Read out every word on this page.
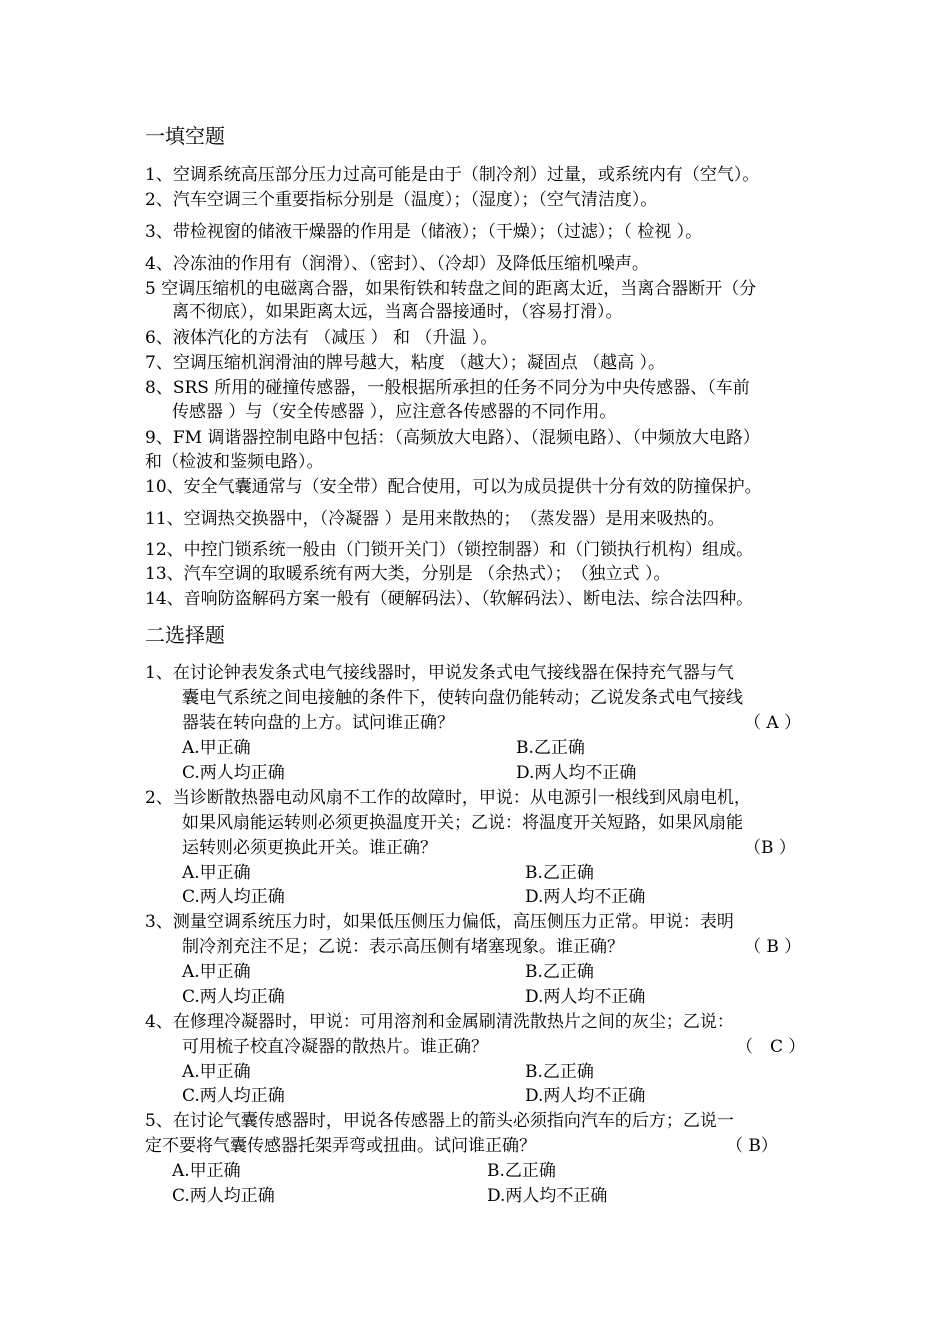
一填空题
1、空调系统高压部分压力过高可能是由于（制冷剂）过量，或系统内有（空气）。
2、汽车空调三个重要指标分别是（温度）；（湿度）；（空气清洁度）。
3、带检视窗的储液干燥器的作用是（储液）；（干燥）；（过滤）；（ 检视 ）。
4、冷冻油的作用有（润滑）、（密封）、（冷却）及降低压缩机噪声。
5 空调压缩机的电磁离合器，如果衔铁和转盘之间的距离太近，当离合器断开（分
离不彻底），如果距离太远，当离合器接通时，（容易打滑）。
6、液体汽化的方法有 （减压 ） 和 （升温 ）。
7、空调压缩机润滑油的牌号越大，粘度 （越大）；凝固点 （越高 ）。
8、SRS 所用的碰撞传感器，一般根据所承担的任务不同分为中央传感器、（车前
传感器 ）与（安全传感器 ），应注意各传感器的不同作用。
9、FM 调谐器控制电路中包括：（高频放大电路）、（混频电路）、（中频放大电路）
和（检波和鉴频电路）。
10、安全气囊通常与（安全带）配合使用，可以为成员提供十分有效的防撞保护。
11、空调热交换器中，（冷凝器 ）是用来散热的；　（蒸发器）是用来吸热的。
12、中控门锁系统一般由（门锁开关门）（锁控制器）和（门锁执行机构）组成。
13、汽车空调的取暖系统有两大类，分别是 （余热式）；　（独立式 ）。
14、音响防盗解码方案一般有（硬解码法）、（软解码法）、断电法、综合法四种。
二选择题
1、在讨论钟表发条式电气接线器时，甲说发条式电气接线器在保持充气器与气
囊电气系统之间电接触的条件下，使转向盘仍能转动；乙说发条式电气接线
器装在转向盘的上方。试问谁正确？	（ A ）
A.甲正确	B.乙正确
C.两人均正确	D.两人均不正确
2、当诊断散热器电动风扇不工作的故障时，甲说：从电源引一根线到风扇电机，
如果风扇能运转则必须更换温度开关；乙说：将温度开关短路，如果风扇能
运转则必须更换此开关。谁正确？	（B ）
A.甲正确	B.乙正确
C.两人均正确	D.两人均不正确
3、测量空调系统压力时，如果低压侧压力偏低，高压侧压力正常。甲说：表明
制冷剂充注不足；乙说：表示高压侧有堵塞现象。谁正确？	（ B ）
A.甲正确	B.乙正确
C.两人均正确	D.两人均不正确
4、在修理冷凝器时，甲说：可用溶剂和金属刷清洗散热片之间的灰尘；乙说：
可用梳子校直冷凝器的散热片。谁正确？	（　C ）
A.甲正确	B.乙正确
C.两人均正确	D.两人均不正确
5、在讨论气囊传感器时，甲说各传感器上的箭头必须指向汽车的后方；乙说一
定不要将气囊传感器托架弄弯或扭曲。试问谁正确？	（ B）
A.甲正确	B.乙正确
C.两人均正确	D.两人均不正确
